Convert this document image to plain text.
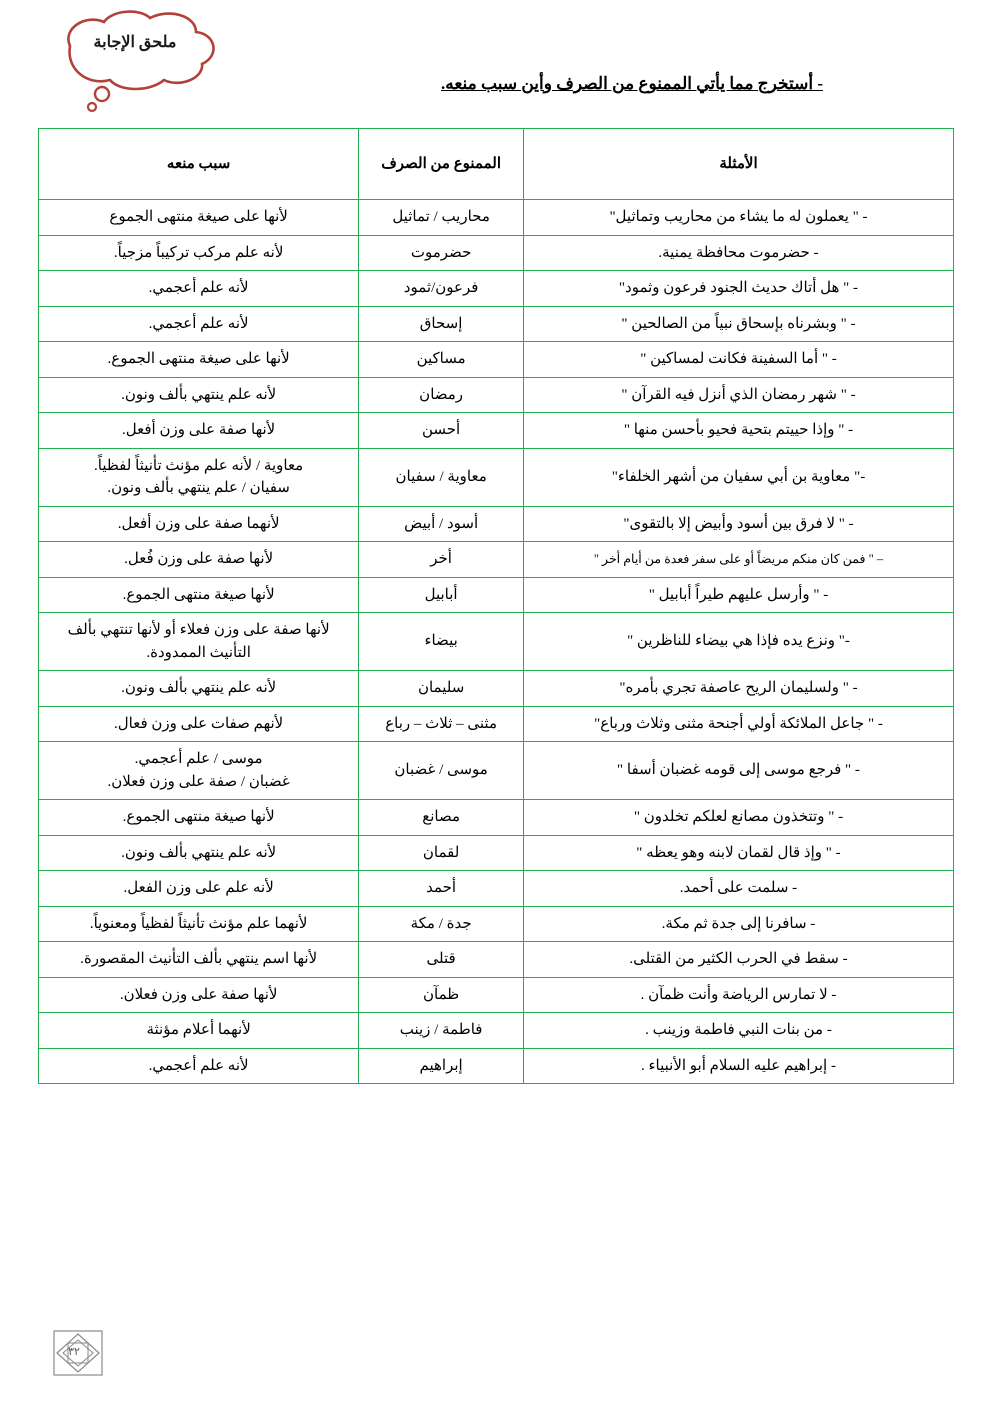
ملحق الإجابة
- أستخرج مما يأتي الممنوع من الصرف وأين سبب منعه.
الأمثلة	الممنوع من الصرف	سبب منعه
- " يعملون له ما يشاء من محاريب وتماثيل"	محاريب / تماثيل	لأنها على صيغة منتهى الجموع
- حضرموت محافظة يمنية.	حضرموت	لأنه علم مركب تركيباً مزجياً.
- " هل أتاك حديث الجنود فرعون وثمود"	فرعون/ثمود	لأنه علم أعجمي.
- " وبشرناه بإسحاق نبياً من الصالحين "	إسحاق	لأنه علم أعجمي.
- " أما السفينة فكانت لمساكين "	مساكين	لأنها على صيغة منتهى الجموع.
- " شهر رمضان الذي أنزل فيه القرآن "	رمضان	لأنه علم ينتهي بألف ونون.
- " وإذا حييتم بتحية فحيو بأحسن منها "	أحسن	لأنها صفة على وزن أفعل.
-" معاوية بن أبي سفيان من أشهر الخلفاء"	معاوية / سفيان	معاوية / لأنه علم مؤنث تأنيثاً لفظياً.
سفيان / علم ينتهي بألف ونون.
- " لا فرق بين أسود وأبيض إلا بالتقوى"	أسود / أبيض	لأنهما صفة على وزن أفعل.
– " فمن كان منكم مريضاً أو على سفر فعدة من أيام أخر "	أخر	لأنها صفة على وزن فُعل.
- " وأرسل عليهم طيراً أبابيل "	أبابيل	لأنها صيغة منتهى الجموع.
-" ونزع يده فإذا هي بيضاء للناظرين "	بيضاء	لأنها صفة على وزن فعلاء أو لأنها تنتهي بألف التأنيث الممدودة.
- " ولسليمان الريح عاصفة تجري بأمره"	سليمان	لأنه علم ينتهي بألف ونون.
- " جاعل الملائكة أولي أجنحة مثنى وثلاث ورباع"	مثنى – ثلاث – رباع	لأنهم صفات على وزن فعال.
- " فرجع موسى إلى قومه غضبان أسفا "	موسى / غضبان	موسى / علم أعجمي.
غضبان / صفة على وزن فعلان.
- " وتتخذون مصانع لعلكم تخلدون "	مصانع	لأنها صيغة منتهى الجموع.
- " وإذ قال لقمان لابنه وهو يعظه "	لقمان	لأنه علم ينتهي بألف ونون.
- سلمت على أحمد.	أحمد	لأنه علم على وزن الفعل.
- سافرنا إلى جدة ثم مكة.	جدة / مكة	لأنهما علم مؤنث تأنيثاً لفظياً ومعنوياً.
- سقط في الحرب الكثير من القتلى.	قتلى	لأنها اسم ينتهي بألف التأنيث المقصورة.
- لا تمارس الرياضة وأنت ظمآن .	ظمآن	لأنها صفة على وزن فعلان.
- من بنات النبي فاطمة وزينب .	فاطمة / زينب	لأنهما أعلام مؤنثة
- إبراهيم عليه السلام أبو الأنبياء .	إبراهيم	لأنه علم أعجمي.
٣٢
